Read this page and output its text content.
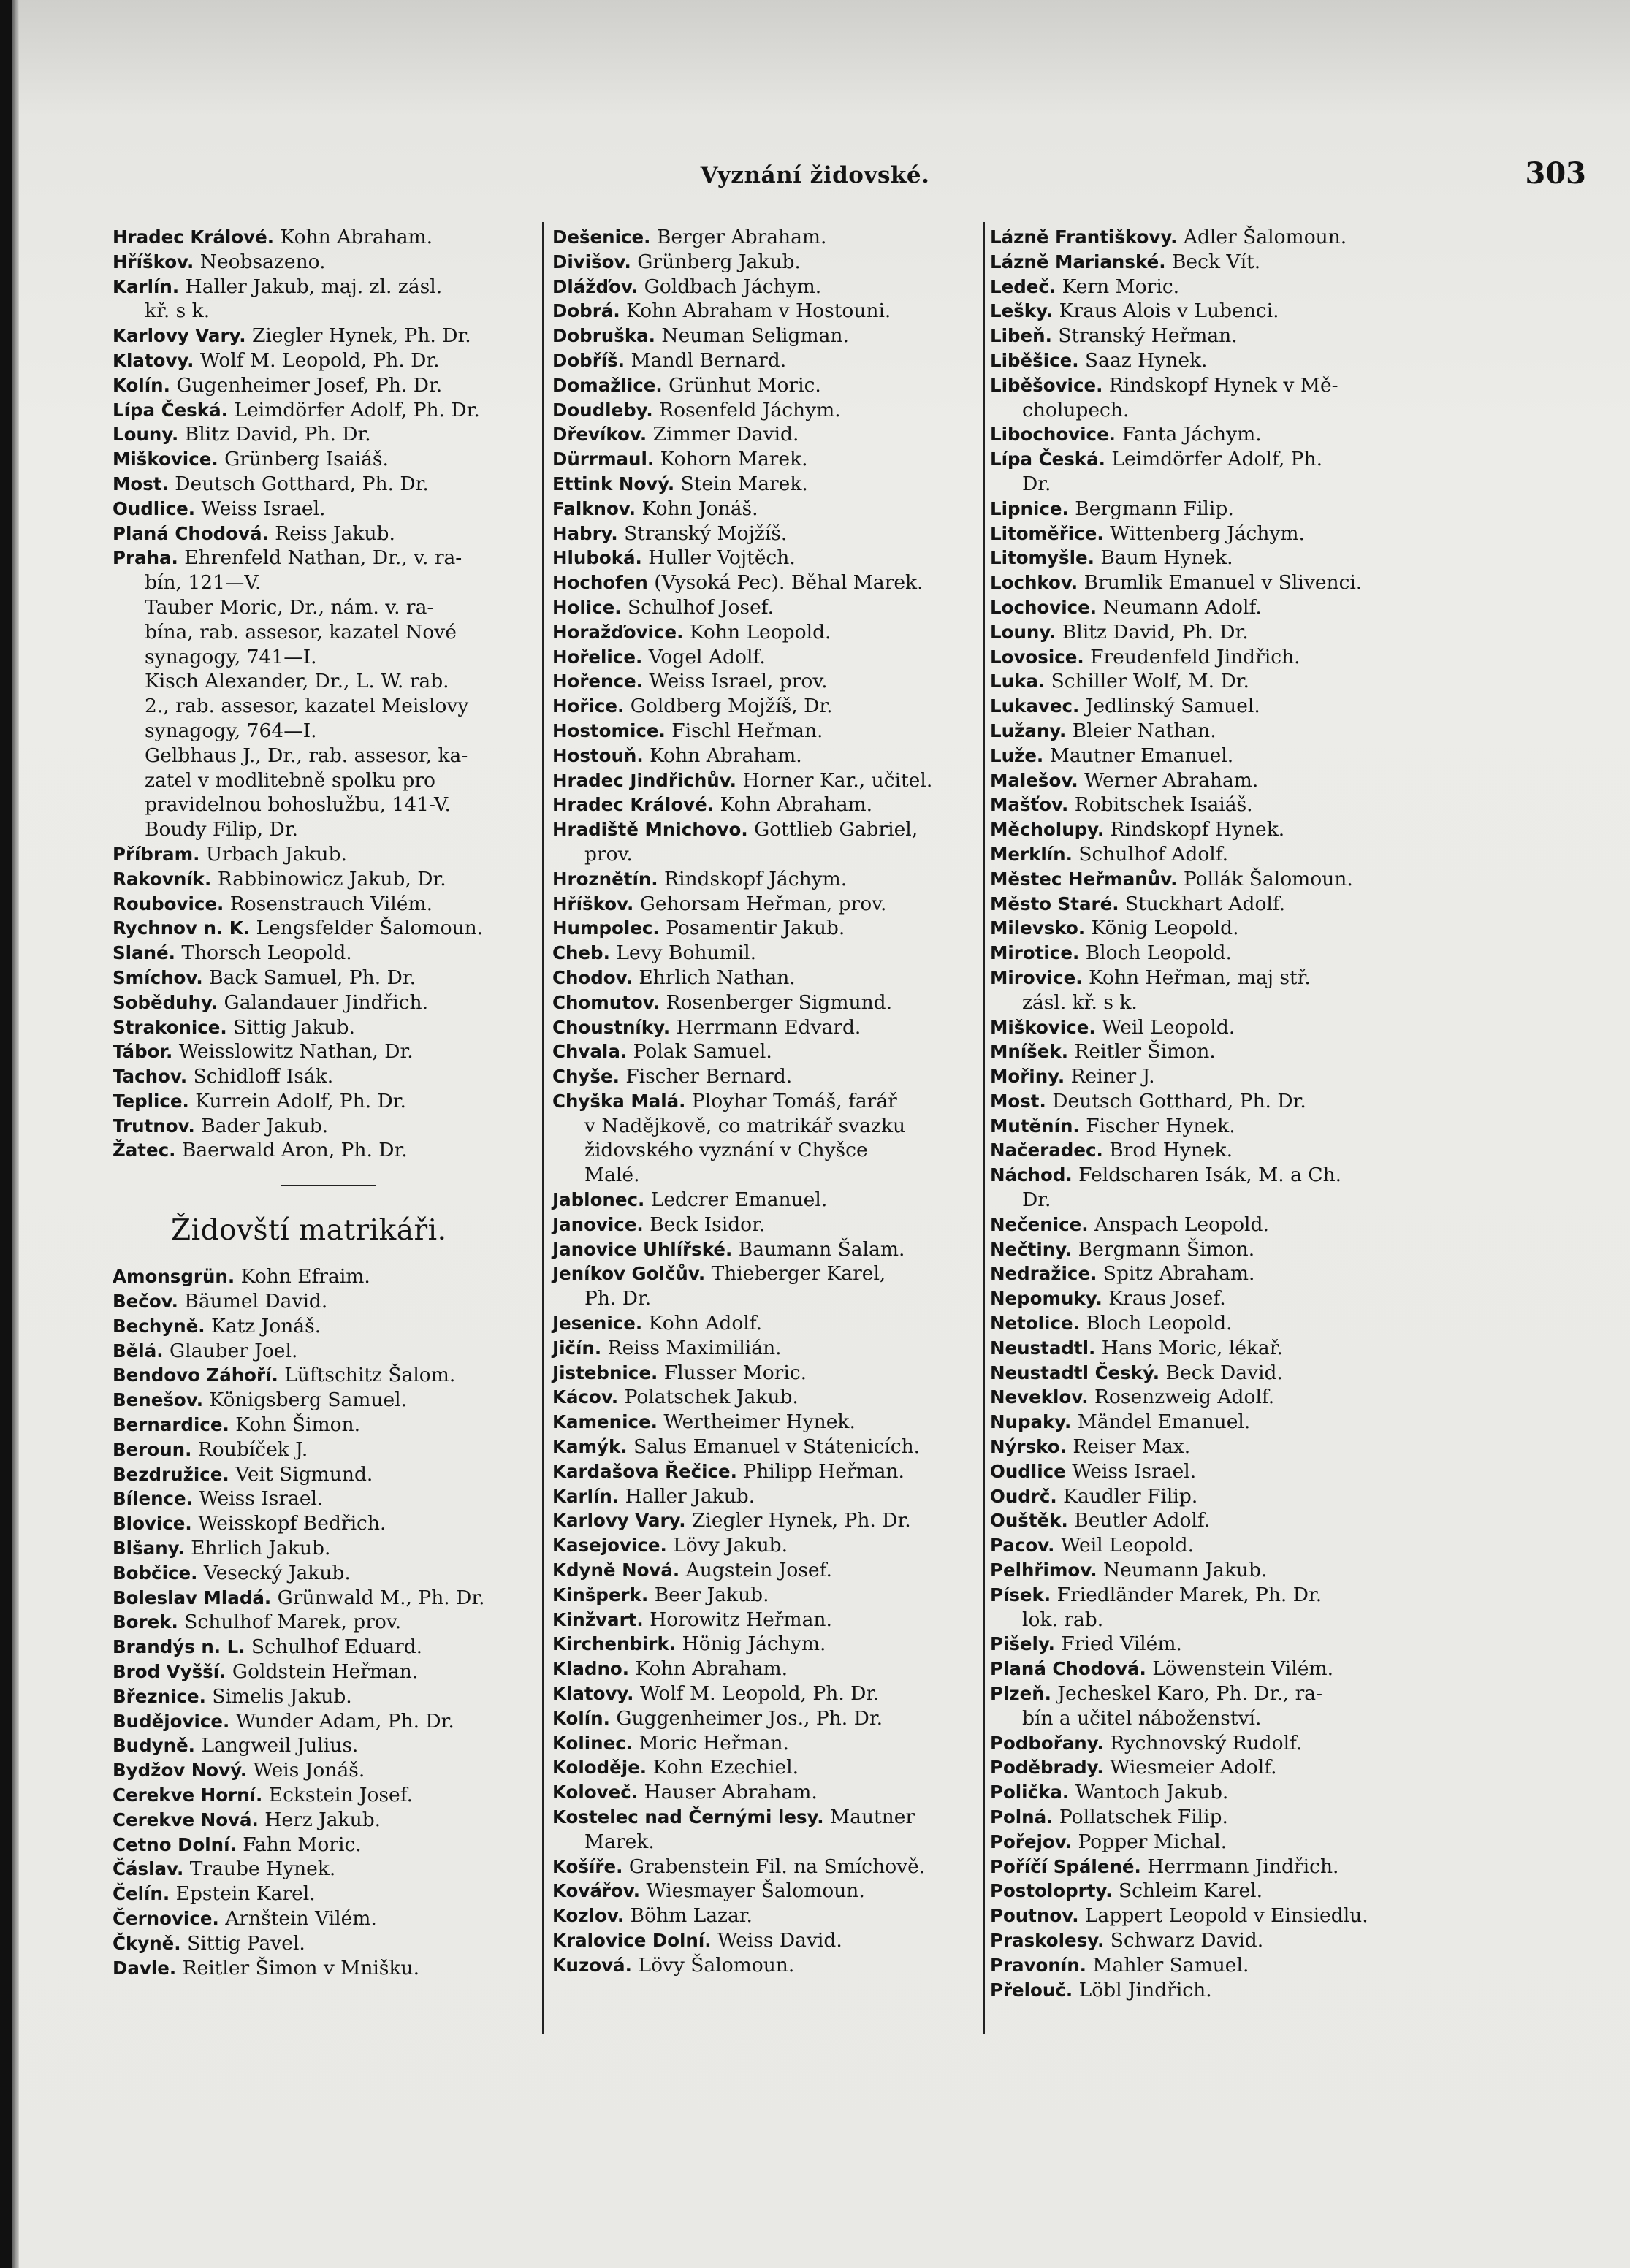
Vyznání židovské.	303
Hradec Králové. Kohn Abraham.
Hříškov. Neobsazeno.
Karlín. Haller Jakub, maj. zl. zásl.
kř. s k.
Karlovy Vary. Ziegler Hynek, Ph. Dr.
Klatovy. Wolf M. Leopold, Ph. Dr.
Kolín. Gugenheimer Josef, Ph. Dr.
Lípa Česká. Leimdörfer Adolf, Ph. Dr.
Louny. Blitz David, Ph. Dr.
Miškovice. Grünberg Isaiáš.
Most. Deutsch Gotthard, Ph. Dr.
Oudlice. Weiss Israel.
Planá Chodová. Reiss Jakub.
Praha. Ehrenfeld Nathan, Dr., v. ra-
bín, 121—V.
Tauber Moric, Dr., nám. v. ra-
bína, rab. assesor, kazatel Nové
synagogy, 741—I.
Kisch Alexander, Dr., L. W. rab.
2., rab. assesor, kazatel Meislovy
synagogy, 764—I.
Gelbhaus J., Dr., rab. assesor, ka-
zatel v modlitebně spolku pro
pravidelnou bohoslužbu, 141-V.
Boudy Filip, Dr.
Příbram. Urbach Jakub.
Rakovník. Rabbinowicz Jakub, Dr.
Roubovice. Rosenstrauch Vilém.
Rychnov n. K. Lengsfelder Šalomoun.
Slané. Thorsch Leopold.
Smíchov. Back Samuel, Ph. Dr.
Soběduhy. Galandauer Jindřich.
Strakonice. Sittig Jakub.
Tábor. Weisslowitz Nathan, Dr.
Tachov. Schidloff Isák.
Teplice. Kurrein Adolf, Ph. Dr.
Trutnov. Bader Jakub.
Žatec. Baerwald Aron, Ph. Dr.
Židovští matrikáři.
Amonsgrün. Kohn Efraim.
Bečov. Bäumel David.
Bechyně. Katz Jonáš.
Bělá. Glauber Joel.
Bendovo Záhoří. Lüftschitz Šalom.
Benešov. Königsberg Samuel.
Bernardice. Kohn Šimon.
Beroun. Roubíček J.
Bezdružice. Veit Sigmund.
Bílence. Weiss Israel.
Blovice. Weisskopf Bedřich.
Blšany. Ehrlich Jakub.
Bobčice. Vesecký Jakub.
Boleslav Mladá. Grünwald M., Ph. Dr.
Borek. Schulhof Marek, prov.
Brandýs n. L. Schulhof Eduard.
Brod Vyšší. Goldstein Heřman.
Březnice. Simelis Jakub.
Budějovice. Wunder Adam, Ph. Dr.
Budyně. Langweil Julius.
Bydžov Nový. Weis Jonáš.
Cerekve Horní. Eckstein Josef.
Cerekve Nová. Herz Jakub.
Cetno Dolní. Fahn Moric.
Čáslav. Traube Hynek.
Čelín. Epstein Karel.
Černovice. Arnštein Vilém.
Čkyně. Sittig Pavel.
Davle. Reitler Šimon v Mnišku.
Dešenice. Berger Abraham.
Divišov. Grünberg Jakub.
Dlážďov. Goldbach Jáchym.
Dobrá. Kohn Abraham v Hostouni.
Dobruška. Neuman Seligman.
Dobříš. Mandl Bernard.
Domažlice. Grünhut Moric.
Doudleby. Rosenfeld Jáchym.
Dřevíkov. Zimmer David.
Dürrmaul. Kohorn Marek.
Ettink Nový. Stein Marek.
Falknov. Kohn Jonáš.
Habry. Stranský Mojžíš.
Hluboká. Huller Vojtěch.
Hochofen (Vysoká Pec). Běhal Marek.
Holice. Schulhof Josef.
Horažďovice. Kohn Leopold.
Hořelice. Vogel Adolf.
Hořence. Weiss Israel, prov.
Hořice. Goldberg Mojžíš, Dr.
Hostomice. Fischl Heřman.
Hostouň. Kohn Abraham.
Hradec Jindřichův. Horner Kar., učitel.
Hradec Králové. Kohn Abraham.
Hradiště Mnichovo. Gottlieb Gabriel,
prov.
Hroznětín. Rindskopf Jáchym.
Hříškov. Gehorsam Heřman, prov.
Humpolec. Posamentir Jakub.
Cheb. Levy Bohumil.
Chodov. Ehrlich Nathan.
Chomutov. Rosenberger Sigmund.
Choustníky. Herrmann Edvard.
Chvala. Polak Samuel.
Chyše. Fischer Bernard.
Chyška Malá. Ployhar Tomáš, farář
v Nadějkově, co matrikář svazku
židovského vyznání v Chyšce
Malé.
Jablonec. Ledcrer Emanuel.
Janovice. Beck Isidor.
Janovice Uhlířské. Baumann Šalam.
Jeníkov Golčův. Thieberger Karel,
Ph. Dr.
Jesenice. Kohn Adolf.
Jičín. Reiss Maximilián.
Jistebnice. Flusser Moric.
Kácov. Polatschek Jakub.
Kamenice. Wertheimer Hynek.
Kamýk. Salus Emanuel v Státenicích.
Kardašova Řečice. Philipp Heřman.
Karlín. Haller Jakub.
Karlovy Vary. Ziegler Hynek, Ph. Dr.
Kasejovice. Lövy Jakub.
Kdyně Nová. Augstein Josef.
Kinšperk. Beer Jakub.
Kinžvart. Horowitz Heřman.
Kirchenbirk. Hönig Jáchym.
Kladno. Kohn Abraham.
Klatovy. Wolf M. Leopold, Ph. Dr.
Kolín. Guggenheimer Jos., Ph. Dr.
Kolinec. Moric Heřman.
Koloděje. Kohn Ezechiel.
Koloveč. Hauser Abraham.
Kostelec nad Černými lesy. Mautner
Marek.
Košíře. Grabenstein Fil. na Smíchově.
Kovářov. Wiesmayer Šalomoun.
Kozlov. Böhm Lazar.
Kralovice Dolní. Weiss David.
Kuzová. Lövy Šalomoun.
Lázně Františkovy. Adler Šalomoun.
Lázně Marianské. Beck Vít.
Ledeč. Kern Moric.
Lešky. Kraus Alois v Lubenci.
Libeň. Stranský Heřman.
Liběšice. Saaz Hynek.
Liběšovice. Rindskopf Hynek v Mě-
cholupech.
Libochovice. Fanta Jáchym.
Lípa Česká. Leimdörfer Adolf, Ph.
Dr.
Lipnice. Bergmann Filip.
Litoměřice. Wittenberg Jáchym.
Litomyšle. Baum Hynek.
Lochkov. Brumlik Emanuel v Slivenci.
Lochovice. Neumann Adolf.
Louny. Blitz David, Ph. Dr.
Lovosice. Freudenfeld Jindřich.
Luka. Schiller Wolf, M. Dr.
Lukavec. Jedlinský Samuel.
Lužany. Bleier Nathan.
Luže. Mautner Emanuel.
Malešov. Werner Abraham.
Mašťov. Robitschek Isaiáš.
Měcholupy. Rindskopf Hynek.
Merklín. Schulhof Adolf.
Městec Heřmanův. Pollák Šalomoun.
Město Staré. Stuckhart Adolf.
Milevsko. König Leopold.
Mirotice. Bloch Leopold.
Mirovice. Kohn Heřman, maj stř.
zásl. kř. s k.
Miškovice. Weil Leopold.
Mníšek. Reitler Šimon.
Mořiny. Reiner J.
Most. Deutsch Gotthard, Ph. Dr.
Mutěnín. Fischer Hynek.
Načeradec. Brod Hynek.
Náchod. Feldscharen Isák, M. a Ch.
Dr.
Nečenice. Anspach Leopold.
Nečtiny. Bergmann Šimon.
Nedražice. Spitz Abraham.
Nepomuky. Kraus Josef.
Netolice. Bloch Leopold.
Neustadtl. Hans Moric, lékař.
Neustadtl Český. Beck David.
Neveklov. Rosenzweig Adolf.
Nupaky. Mändel Emanuel.
Nýrsko. Reiser Max.
Oudlice Weiss Israel.
Oudrč. Kaudler Filip.
Ouštěk. Beutler Adolf.
Pacov. Weil Leopold.
Pelhřimov. Neumann Jakub.
Písek. Friedländer Marek, Ph. Dr.
lok. rab.
Pišely. Fried Vilém.
Planá Chodová. Löwenstein Vilém.
Plzeň. Jecheskel Karo, Ph. Dr., ra-
bín a učitel náboženství.
Podbořany. Rychnovský Rudolf.
Poděbrady. Wiesmeier Adolf.
Polička. Wantoch Jakub.
Polná. Pollatschek Filip.
Pořejov. Popper Michal.
Poříčí Spálené. Herrmann Jindřich.
Postoloprty. Schleim Karel.
Poutnov. Lappert Leopold v Einsiedlu.
Praskolesy. Schwarz David.
Pravonín. Mahler Samuel.
Přelouč. Löbl Jindřich.
